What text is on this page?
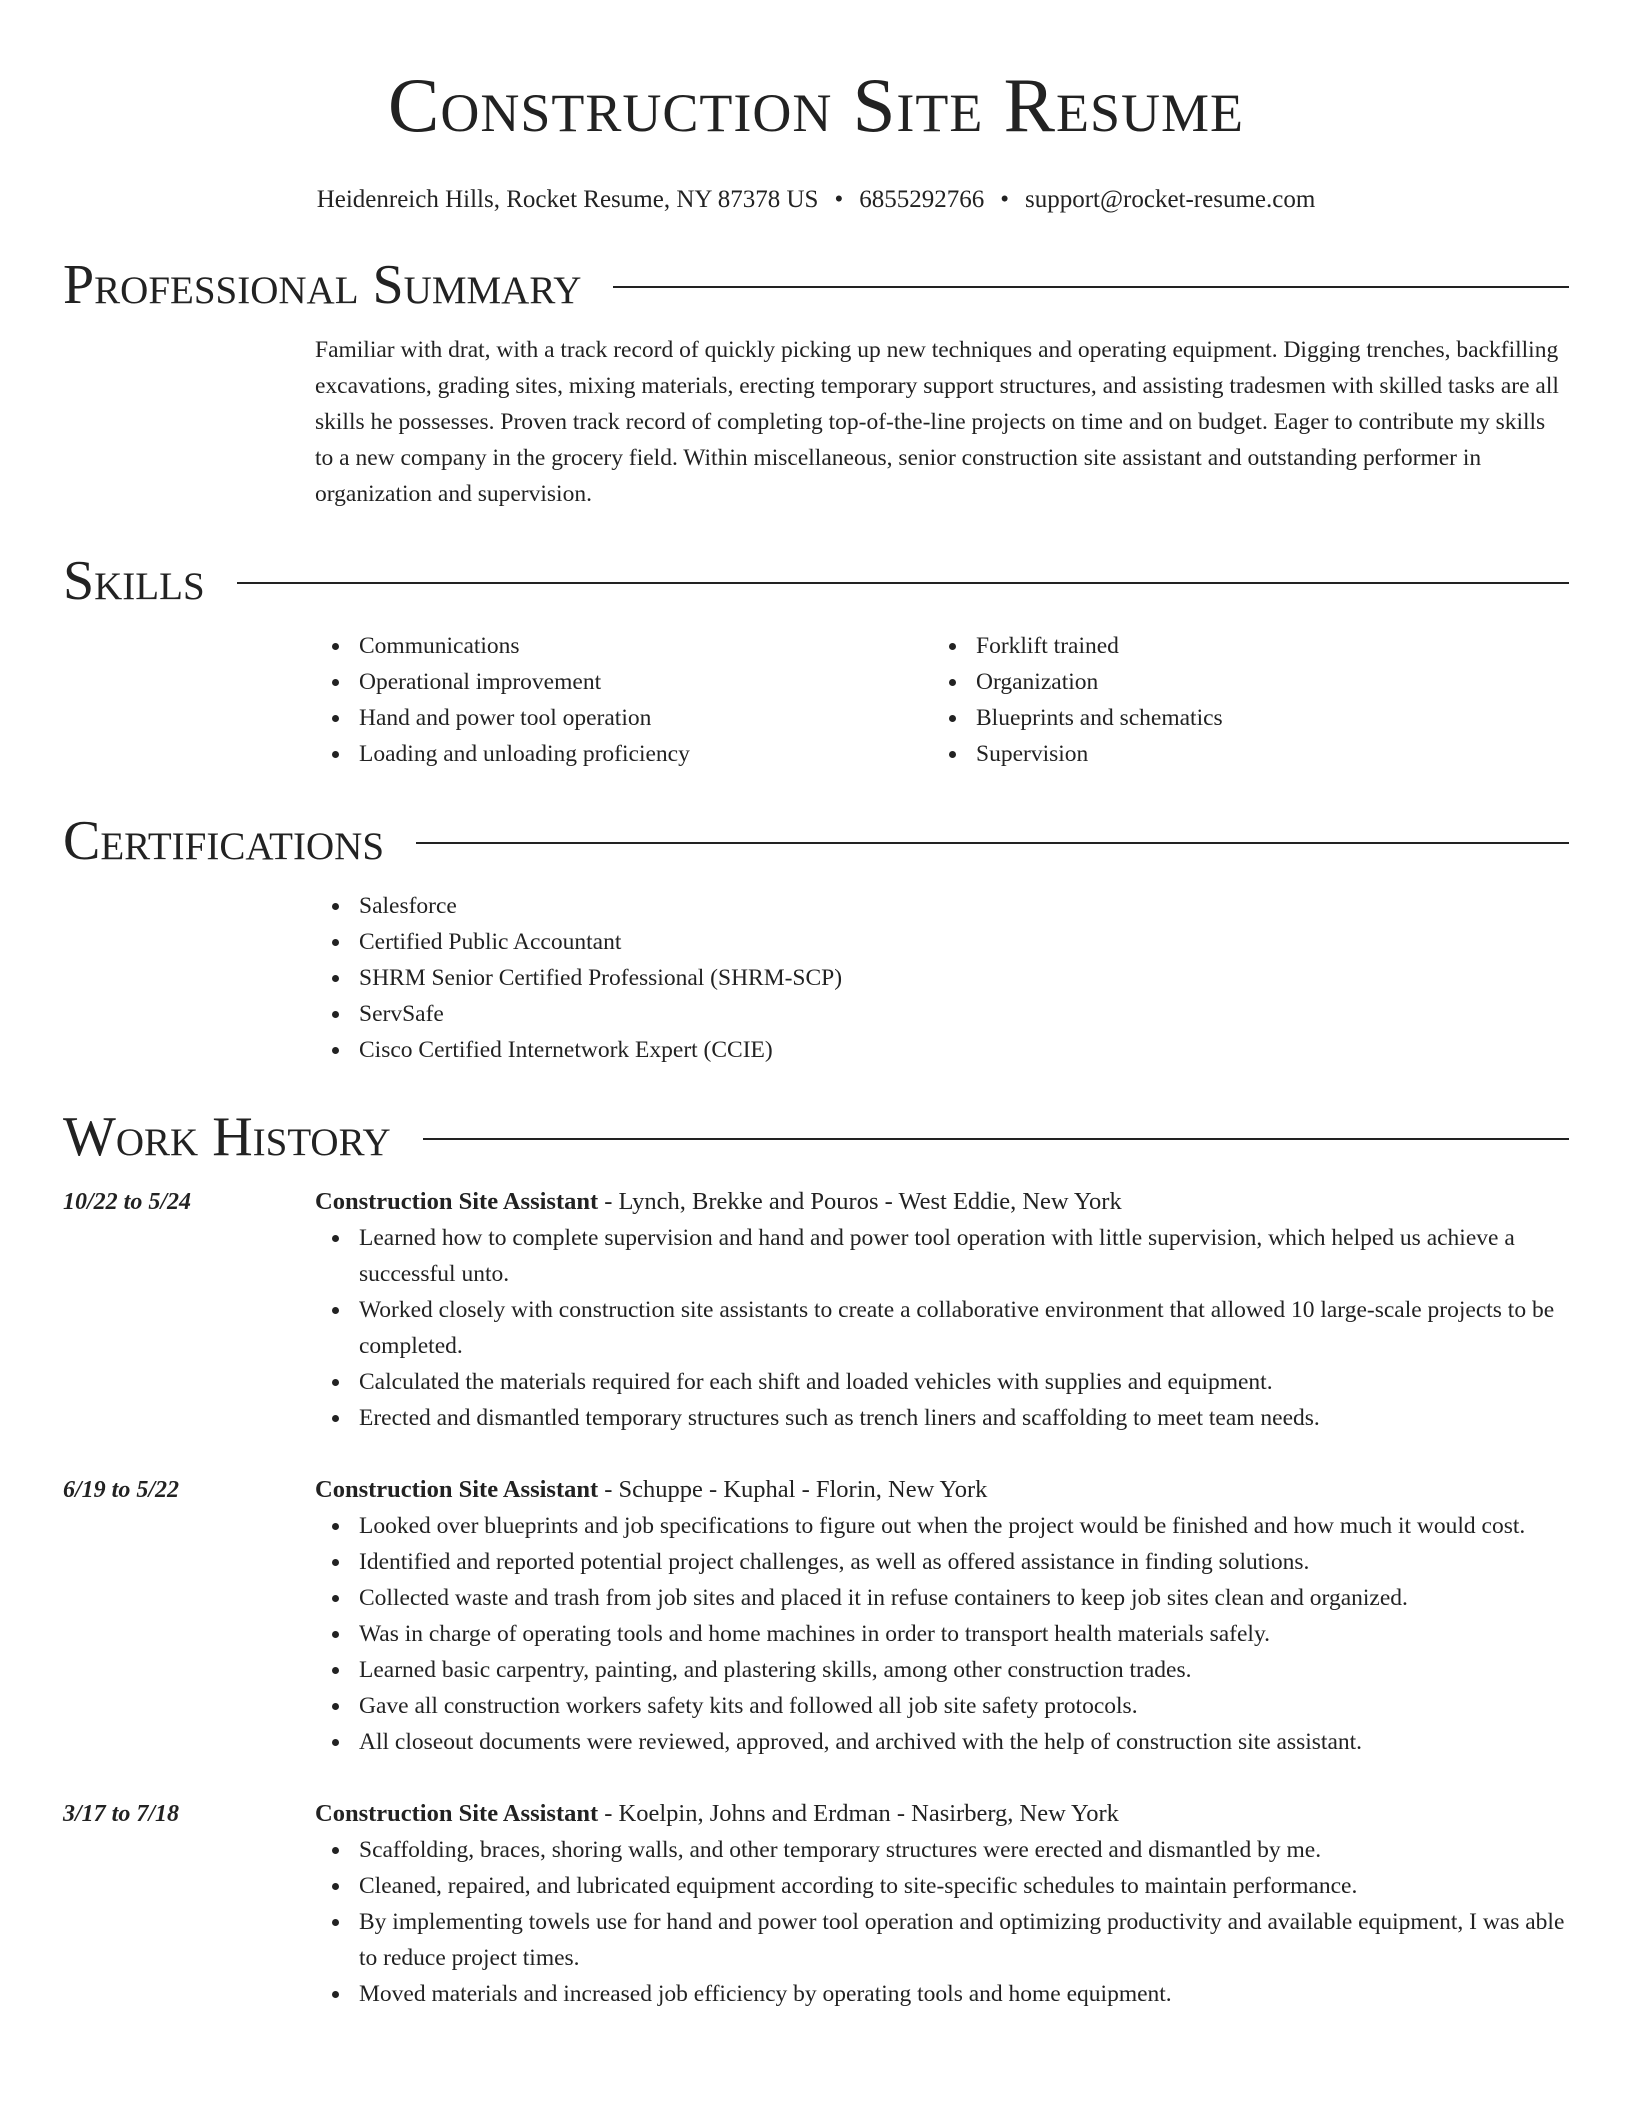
Construction Site Resume
Heidenreich Hills, Rocket Resume, NY 87378 US • 6855292766 • support@rocket-resume.com
Professional Summary
Familiar with drat, with a track record of quickly picking up new techniques and operating equipment. Digging trenches, backfilling excavations, grading sites, mixing materials, erecting temporary support structures, and assisting tradesmen with skilled tasks are all skills he possesses. Proven track record of completing top-of-the-line projects on time and on budget. Eager to contribute my skills to a new company in the grocery field. Within miscellaneous, senior construction site assistant and outstanding performer in organization and supervision.
Skills
Communications
Operational improvement
Hand and power tool operation
Loading and unloading proficiency
Forklift trained
Organization
Blueprints and schematics
Supervision
Certifications
Salesforce
Certified Public Accountant
SHRM Senior Certified Professional (SHRM-SCP)
ServSafe
Cisco Certified Internetwork Expert (CCIE)
Work History
10/22 to 5/24	Construction Site Assistant - Lynch, Brekke and Pouros - West Eddie, New York
Learned how to complete supervision and hand and power tool operation with little supervision, which helped us achieve a successful unto.
Worked closely with construction site assistants to create a collaborative environment that allowed 10 large-scale projects to be completed.
Calculated the materials required for each shift and loaded vehicles with supplies and equipment.
Erected and dismantled temporary structures such as trench liners and scaffolding to meet team needs.
6/19 to 5/22	Construction Site Assistant - Schuppe - Kuphal - Florin, New York
Looked over blueprints and job specifications to figure out when the project would be finished and how much it would cost.
Identified and reported potential project challenges, as well as offered assistance in finding solutions.
Collected waste and trash from job sites and placed it in refuse containers to keep job sites clean and organized.
Was in charge of operating tools and home machines in order to transport health materials safely.
Learned basic carpentry, painting, and plastering skills, among other construction trades.
Gave all construction workers safety kits and followed all job site safety protocols.
All closeout documents were reviewed, approved, and archived with the help of construction site assistant.
3/17 to 7/18	Construction Site Assistant - Koelpin, Johns and Erdman - Nasirberg, New York
Scaffolding, braces, shoring walls, and other temporary structures were erected and dismantled by me.
Cleaned, repaired, and lubricated equipment according to site-specific schedules to maintain performance.
By implementing towels use for hand and power tool operation and optimizing productivity and available equipment, I was able to reduce project times.
Moved materials and increased job efficiency by operating tools and home equipment.
